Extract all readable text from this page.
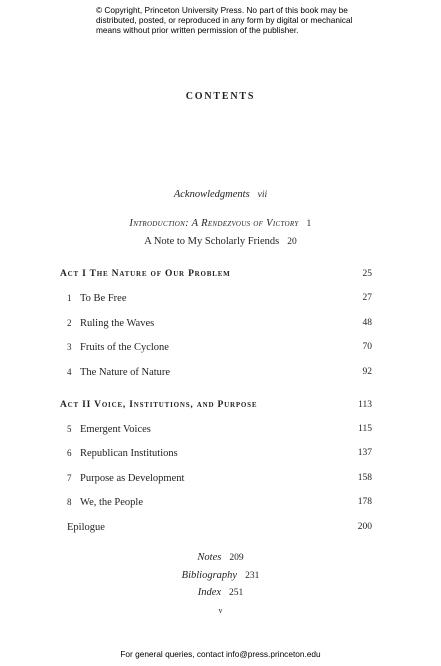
© Copyright, Princeton University Press. No part of this book may be
distributed, posted, or reproduced in any form by digital or mechanical
means without prior written permission of the publisher.
CONTENTS
Acknowledgments vii
Introduction: A Rendezvous of Victory 1
A Note to My Scholarly Friends 20
Act I The Nature of Our Problem	25
1 To Be Free	27
2 Ruling the Waves	48
3 Fruits of the Cyclone	70
4 The Nature of Nature	92
Act II Voice, Institutions, and Purpose	113
5 Emergent Voices	115
6 Republican Institutions	137
7 Purpose as Development	158
8 We, the People	178
Epilogue	200
Notes 209
Bibliography 231
Index 251
v
For general queries, contact info@press.princeton.edu
